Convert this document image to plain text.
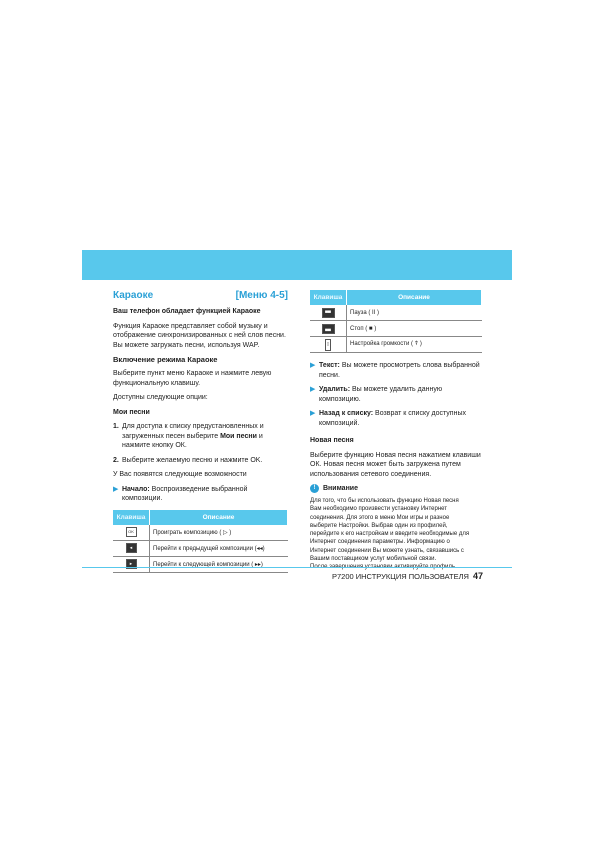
Караоке	[Меню 4-5]

Ваш телефон обладает функцией Караоке

Функция Караоке представляет собой музыку и отображение синхронизированных с ней слов песни. Вы можете загружать песни, используя WAP.

Включение режима Караоке

Выберите пункт меню Караоке и нажмите левую функциональную клавишу.

Доступны следующие опции:

Мои песни

1. Для доступа к списку предустановленных и загруженных песен выберите Мои песни и нажмите кнопку ОК.
2. Выберите желаемую песню и нажмите OK.

У Вас появятся следующие возможности

▶ Начало: Воспроизведение выбранной композиции.
Клавиша	Описание
OK	Проиграть композицию ( ▷ )
◄	Перейти к предыдущей композиции (◂◂)
►	Перейти к следующей композиции ( ▸▸)
Клавиша	Описание
▀▀	Пауза ( II )
▄▄	Стоп ( ■ )
▯	Настройка громкости ( ⍒ )
▶ Текст: Вы можете просмотреть слова выбранной песни.
▶ Удалить: Вы можете удалить данную композицию.
▶ Назад к списку: Возврат к списку доступных композиций.

Новая песня

Выберите функцию Новая песня нажатием клавиши ОК. Новая песня может быть загружена путем использования сетевого соединения.

!	Внимание

Для того, что бы использовать функцию Новая песня

Вам необходимо произвести установку Интернет

соединения. Для этого в меню Мои игры и разное

выберите Настройки. Выбрав один из профилей,

перейдите к его настройкам и введите необходимые для

Интернет соединения параметры. Информацию о

Интернет соединении Вы можете узнать, связавшись с

Вашим поставщиком услуг мобильной связи.

P7200 ИНСТРУКЦИЯ ПОЛЬЗОВАТЕЛЯ 47
